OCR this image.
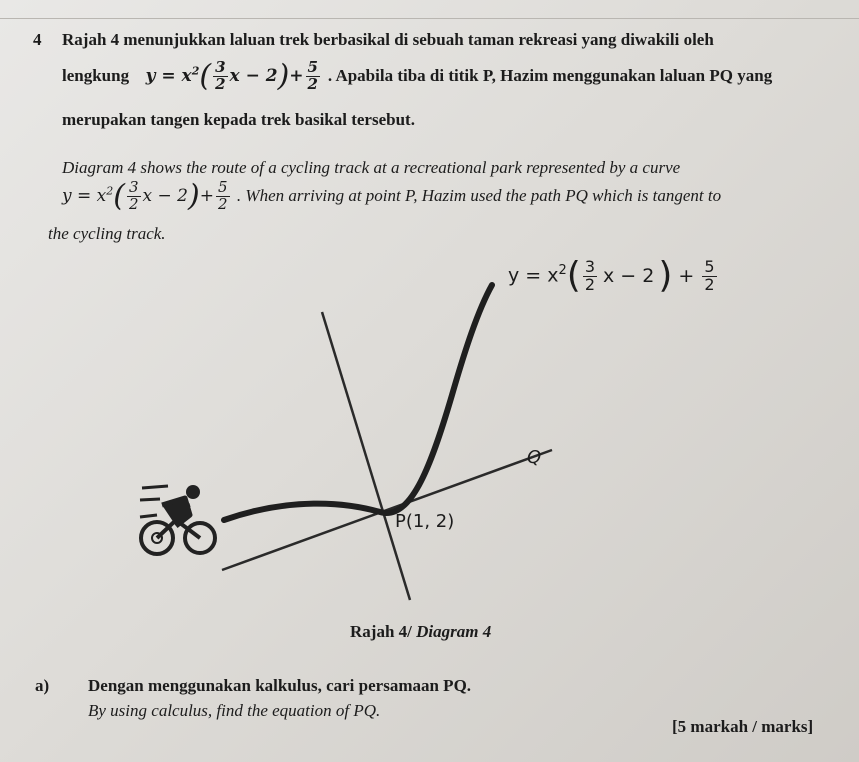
4 Rajah 4 menunjukkan laluan trek berbasikal di sebuah taman rekreasi yang diwakili oleh
lengkung $y = x^2( \frac{3}{2}$ $x - 2)+ \frac{5}{2}$ . Apabila tiba di titik P, Hazim menggunakan laluan PQ yang
merupakan tangen kepada trek basikal tersebut.
Diagram 4 shows the route of a cycling track at a recreational park represented by a curve
$y = x^2( \frac{3}{2}$ $x - 2)+ \frac{5}{2}$ . When arriving at point P, Hazim used the path PQ which is tangent to
the cycling track.
$y = x^2( \frac{3}{2}$ x − 2 ) + $\frac{5}{2}$
Q
P(1, 2)
Rajah 4/ Diagram 4
a) Dengan menggunakan kalkulus, cari persamaan PQ.
By using calculus, find the equation of PQ.
[5 markah / marks]
